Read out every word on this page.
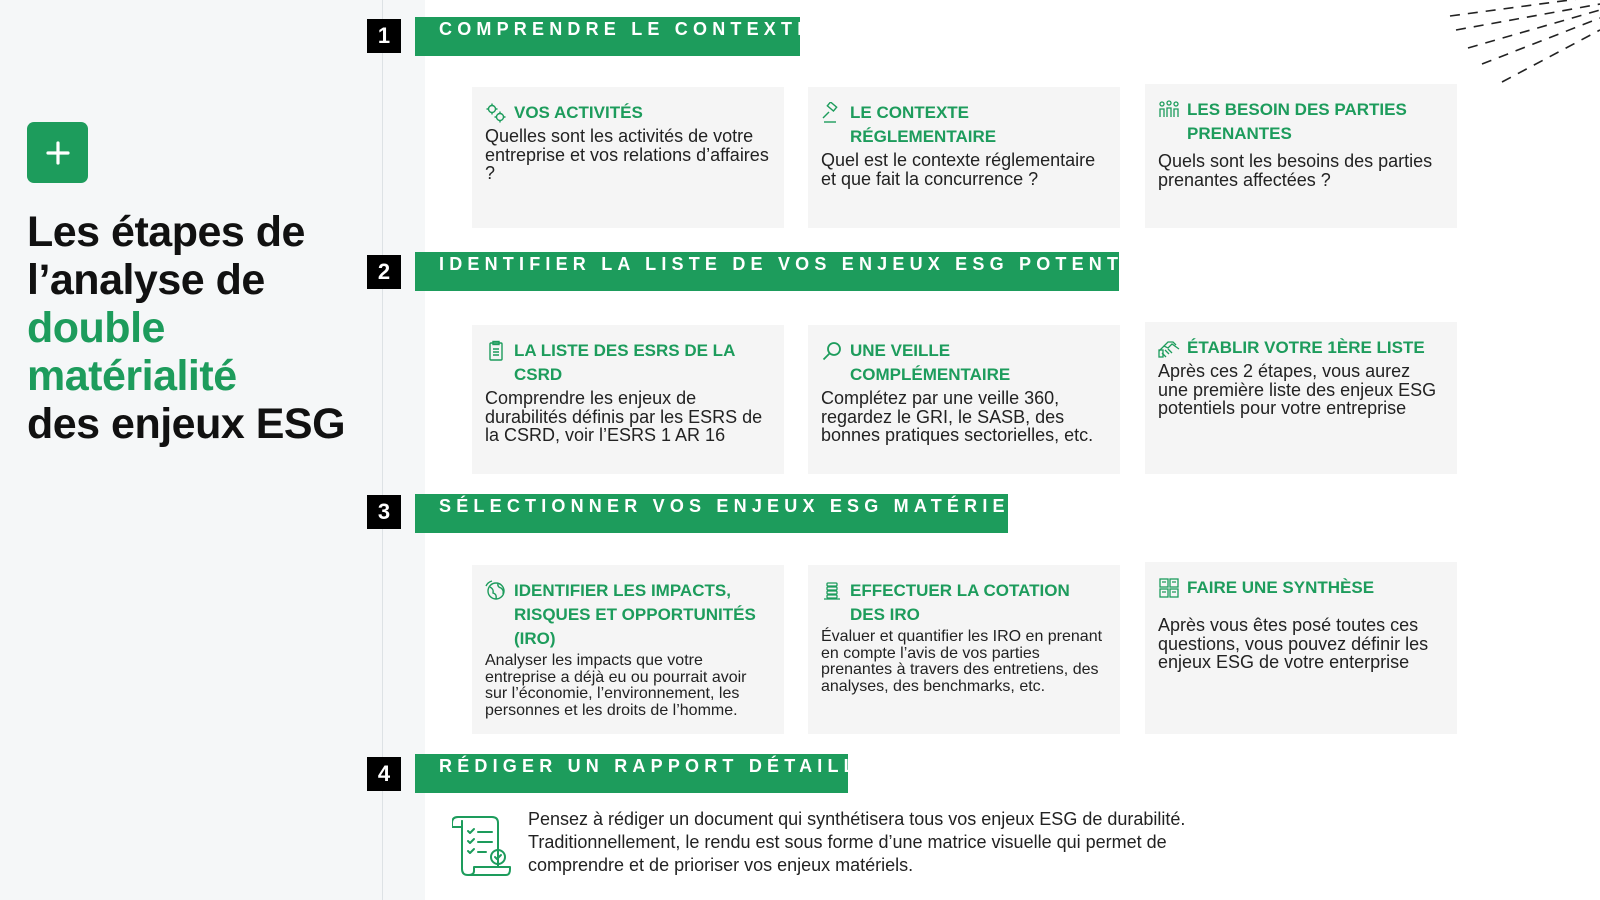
Les étapes de
l’analyse de
double
matérialité
des enjeux ESG
1	COMPRENDRE LE CONTEXTE
VOS ACTIVITÉS
Quelles sont les activités de votre entreprise et vos relations d’affaires ?
LE CONTEXTE RÉGLEMENTAIRE
Quel est le contexte réglementaire et que fait la concurrence ?
LES BESOIN DES PARTIES PRENANTES
Quels sont les besoins des parties prenantes affectées ?
2	IDENTIFIER LA LISTE DE VOS ENJEUX ESG POTENTIELS
LA LISTE DES ESRS DE LA CSRD
Comprendre les enjeux de durabilités définis par les ESRS de la CSRD, voir l’ESRS 1 AR 16
UNE VEILLE COMPLÉMENTAIRE
Complétez par une veille 360, regardez le GRI, le SASB, des bonnes pratiques sectorielles, etc.
ÉTABLIR VOTRE 1ÈRE LISTE
Après ces 2 étapes, vous aurez une première liste des enjeux ESG potentiels pour votre entreprise
3	SÉLECTIONNER VOS ENJEUX ESG MATÉRIELS
IDENTIFIER LES IMPACTS, RISQUES ET OPPORTUNITÉS (IRO)
Analyser les impacts que votre entreprise a déjà eu ou pourrait avoir sur l’économie, l’environnement, les personnes et les droits de l’homme.
EFFECTUER LA COTATION DES IRO
Évaluer et quantifier les IRO en prenant en compte l’avis de vos parties prenantes à travers des entretiens, des analyses, des benchmarks, etc.
FAIRE UNE SYNTHÈSE
Après vous êtes posé toutes ces questions, vous pouvez définir les enjeux ESG de votre enterprise
4	RÉDIGER UN RAPPORT DÉTAILLÉ
Pensez à rédiger un document qui synthétisera tous vos enjeux ESG de durabilité. Traditionnellement, le rendu est sous forme d’une matrice visuelle qui permet de comprendre et de prioriser vos enjeux matériels.
